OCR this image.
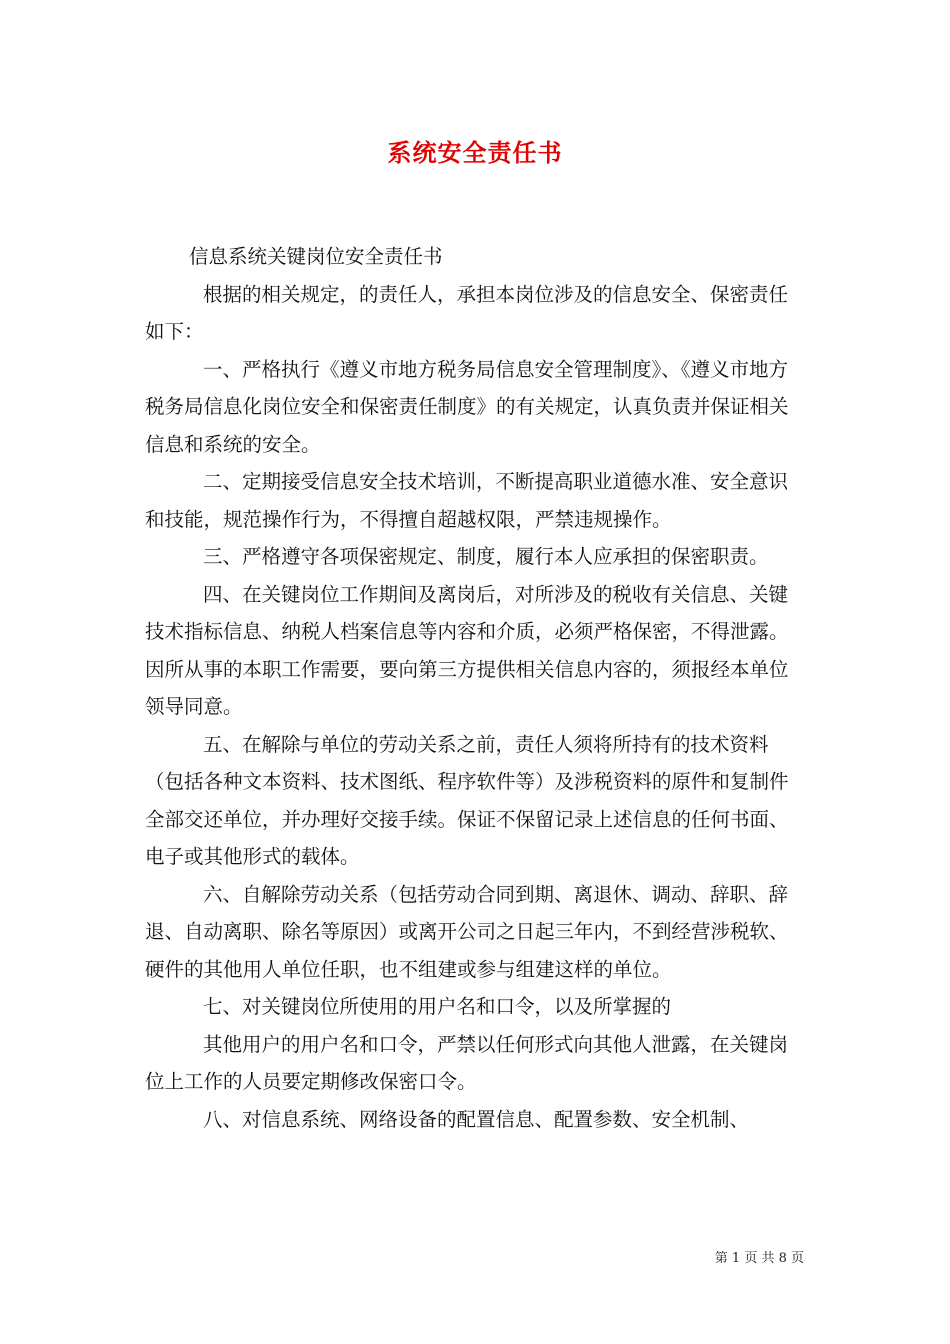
系统安全责任书

信息系统关键岗位安全责任书

根据的相关规定，的责任人，承担本岗位涉及的信息安全、保密责任如下：

一、严格执行《遵义市地方税务局信息安全管理制度》、《遵义市地方税务局信息化岗位安全和保密责任制度》的有关规定，认真负责并保证相关信息和系统的安全。

二、定期接受信息安全技术培训，不断提高职业道德水准、安全意识和技能，规范操作行为，不得擅自超越权限，严禁违规操作。

三、严格遵守各项保密规定、制度，履行本人应承担的保密职责。

四、在关键岗位工作期间及离岗后，对所涉及的税收有关信息、关键技术指标信息、纳税人档案信息等内容和介质，必须严格保密，不得泄露。因所从事的本职工作需要，要向第三方提供相关信息内容的，须报经本单位领导同意。

五、在解除与单位的劳动关系之前，责任人须将所持有的技术资料（包括各种文本资料、技术图纸、程序软件等）及涉税资料的原件和复制件全部交还单位，并办理好交接手续。保证不保留记录上述信息的任何书面、电子或其他形式的载体。

六、自解除劳动关系（包括劳动合同到期、离退休、调动、辞职、辞退、自动离职、除名等原因）或离开公司之日起三年内，不到经营涉税软、硬件的其他用人单位任职，也不组建或参与组建这样的单位。

七、对关键岗位所使用的用户名和口令，以及所掌握的

其他用户的用户名和口令，严禁以任何形式向其他人泄露，在关键岗位上工作的人员要定期修改保密口令。

八、对信息系统、网络设备的配置信息、配置参数、安全机制、

第 1 页 共 8 页
